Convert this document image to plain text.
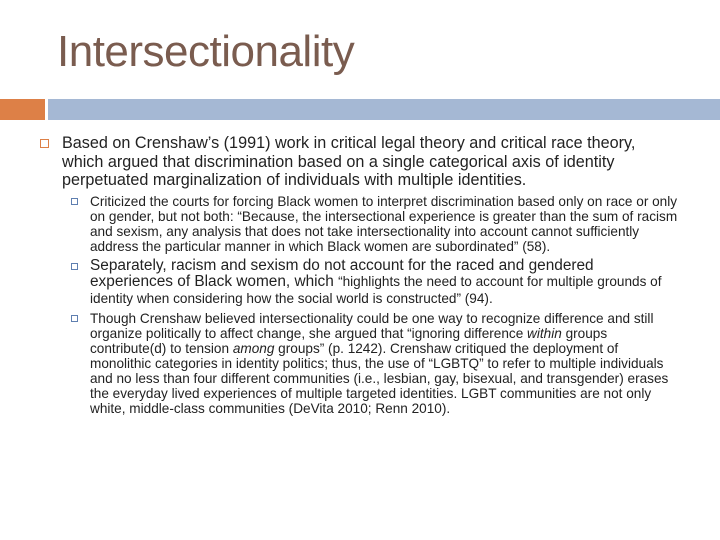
Intersectionality
Based on Crenshaw’s (1991) work in critical legal theory and critical race theory, which argued that discrimination based on a single categorical axis of identity perpetuated marginalization of individuals with multiple identities.
Criticized the courts for forcing Black women to interpret discrimination based only on race or only on gender, but not both: “Because, the intersectional experience is greater than the sum of racism and sexism, any analysis that does not take intersectionality into account cannot sufficiently address the particular manner in which Black women are subordinated” (58).
Separately, racism and sexism do not account for the raced and gendered experiences of Black women, which “highlights the need to account for multiple grounds of identity when considering how the social world is constructed” (94).
Though Crenshaw believed intersectionality could be one way to recognize difference and still organize politically to affect change, she argued that “ignoring difference within groups contribute(d) to tension among groups” (p. 1242). Crenshaw critiqued the deployment of monolithic categories in identity politics; thus, the use of “LGBTQ” to refer to multiple individuals and no less than four different communities (i.e., lesbian, gay, bisexual, and transgender) erases the everyday lived experiences of multiple targeted identities. LGBT communities are not only white, middle-class communities (DeVita 2010; Renn 2010).
